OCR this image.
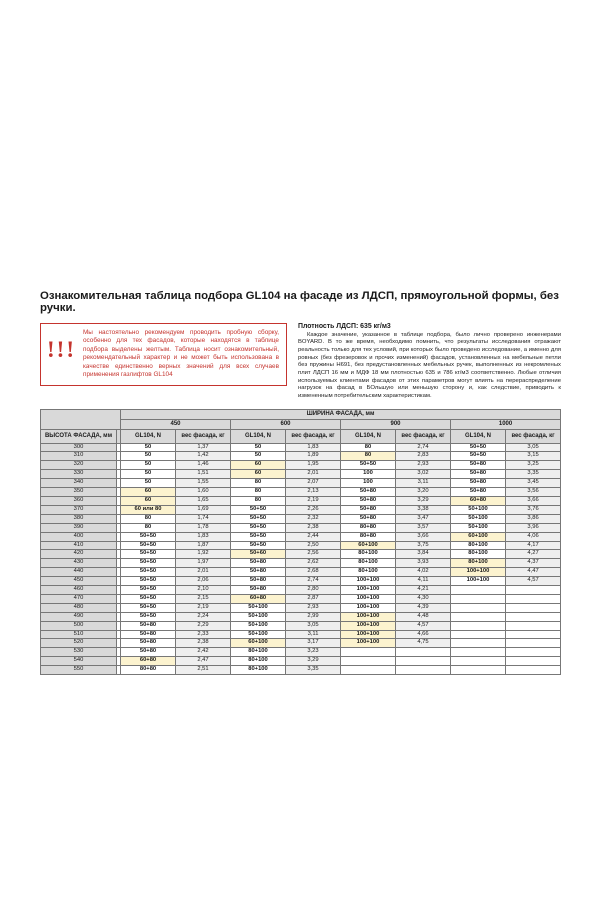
Ознакомительная таблица подбора GL104 на фасаде из ЛДСП, прямоугольной формы, без ручки.
!!!

Мы настоятельно рекомендуем проводить пробную сборку, особенно для тех фасадов, которые находятся в таблице подбора выделены желтым. Таблица носит ознакомительный, рекомендательный характер и не может быть использована в качестве единственно верных значений для всех случаев применения газлифтов GL104

Плотность ЛДСП: 635 кг/м3

Каждое значение, указанное в таблице подбора, было лично проверено инженерами BOYARD. В то же время, необходимо помнить, что результаты исследования отражают реальность только для тех условий, при которых было проведено исследование, а именно для ровных (без фрезеровок и прочих изменений) фасадов, установленных на мебельные петли без пружины H691, без предустановленных мебельных ручек, выполненных из некромленых плит ЛДСП 16 мм и МДФ 18 мм плотностью 635 и 786 кг/м3 соответственно. Любые отличия используемых клиентами фасадов от этих параметров могут влиять на перераспределение нагрузок на фасад в БОльшую или меньшую сторону и, как следствие, приводить к измененным потребительским характеристикам.

		ШИРИНА ФАСАДА, мм							
		450		600		900		1000	
ВЫСОТА ФАСАДА, мм		GL104, N	вес фасада, кг	GL104, N	вес фасада, кг	GL104, N	вес фасада, кг	GL104, N	вес фасада, кг
300		50	1,37	50	1,83	80	2,74	50+50	3,05
310		50	1,42	50	1,89	80	2,83	50+50	3,15
320		50	1,46	60	1,95	50+50	2,93	50+80	3,25
330		50	1,51	60	2,01	100	3,02	50+80	3,35
340		50	1,55	80	2,07	100	3,11	50+80	3,45
350		60	1,60	80	2,13	50+80	3,20	50+80	3,56
360		60	1,65	80	2,19	50+80	3,29	60+80	3,66
370		60 или 80	1,69	50+50	2,26	50+80	3,38	50+100	3,76
380		80	1,74	50+50	2,32	50+80	3,47	50+100	3,86
390		80	1,78	50+50	2,38	80+80	3,57	50+100	3,96
400		50+50	1,83	50+50	2,44	80+80	3,66	60+100	4,06
410		50+50	1,87	50+50	2,50	60+100	3,75	80+100	4,17
420		50+50	1,92	50+60	2,56	80+100	3,84	80+100	4,27
430		50+50	1,97	50+80	2,62	80+100	3,93	80+100	4,37
440		50+50	2,01	50+80	2,68	80+100	4,02	100+100	4,47
450		50+50	2,06	50+80	2,74	100+100	4,11	100+100	4,57
460		50+50	2,10	50+80	2,80	100+100	4,21		
470		50+50	2,15	60+80	2,87	100+100	4,30		
480		50+50	2,19	50+100	2,93	100+100	4,39		
490		50+50	2,24	50+100	2,99	100+100	4,48		
500		50+80	2,29	50+100	3,05	100+100	4,57		
510		50+80	2,33	50+100	3,11	100+100	4,66		
520		50+80	2,38	60+100	3,17	100+100	4,75		
530		50+80	2,42	80+100	3,23				
540		60+80	2,47	80+100	3,29				
550		80+80	2,51	80+100	3,35				
